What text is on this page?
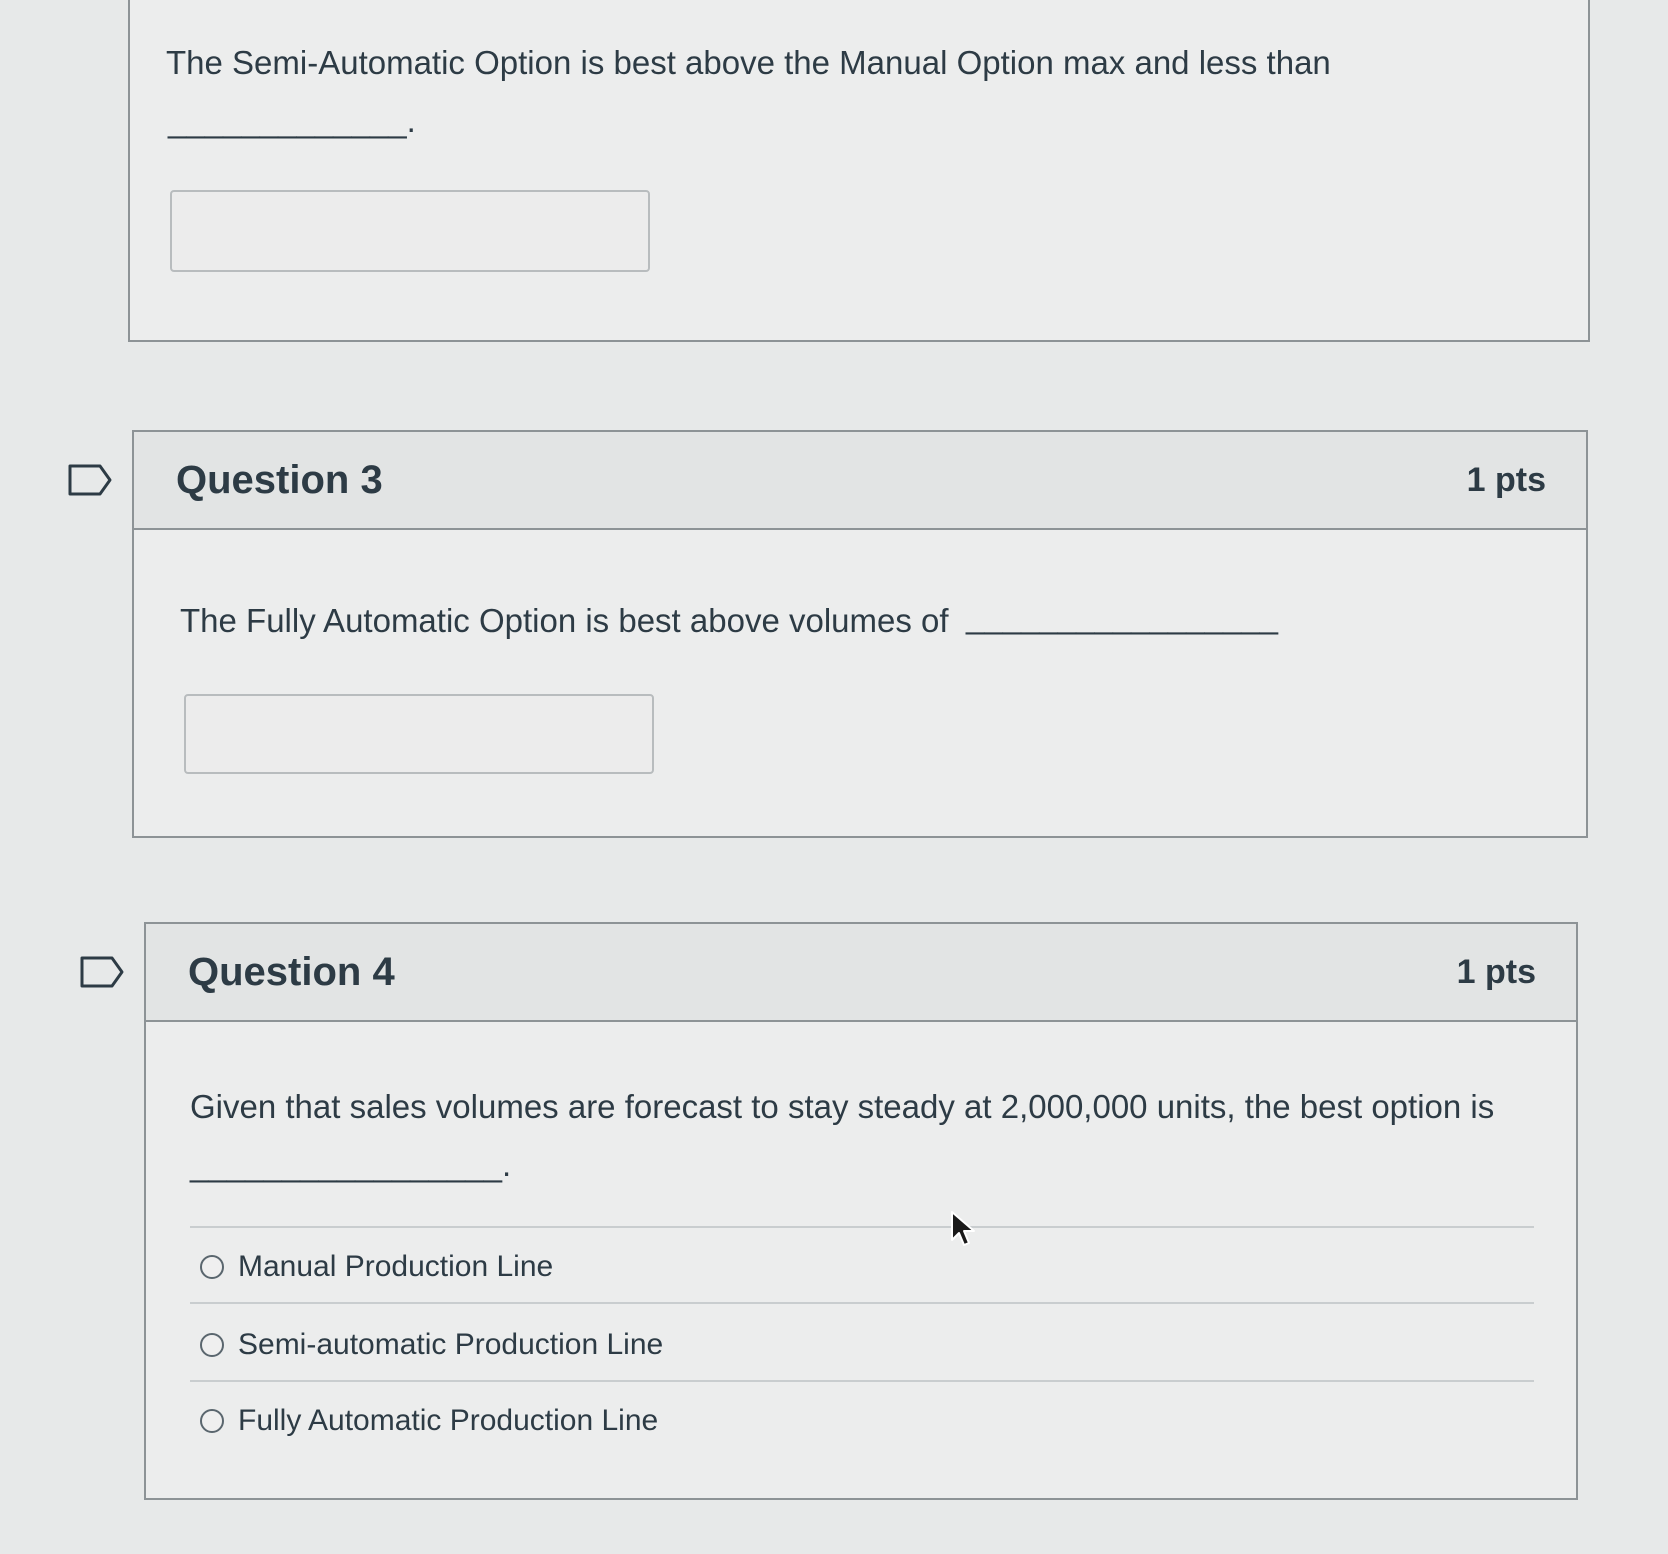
The Semi-Automatic Option is best above the Manual Option max and less than
_____________.
Question 3	1 pts
The Fully Automatic Option is best above volumes of _________________
Question 4	1 pts
Given that sales volumes are forecast to stay steady at 2,000,000 units, the best option is
_________________.
Manual Production Line
Semi-automatic Production Line
Fully Automatic Production Line
